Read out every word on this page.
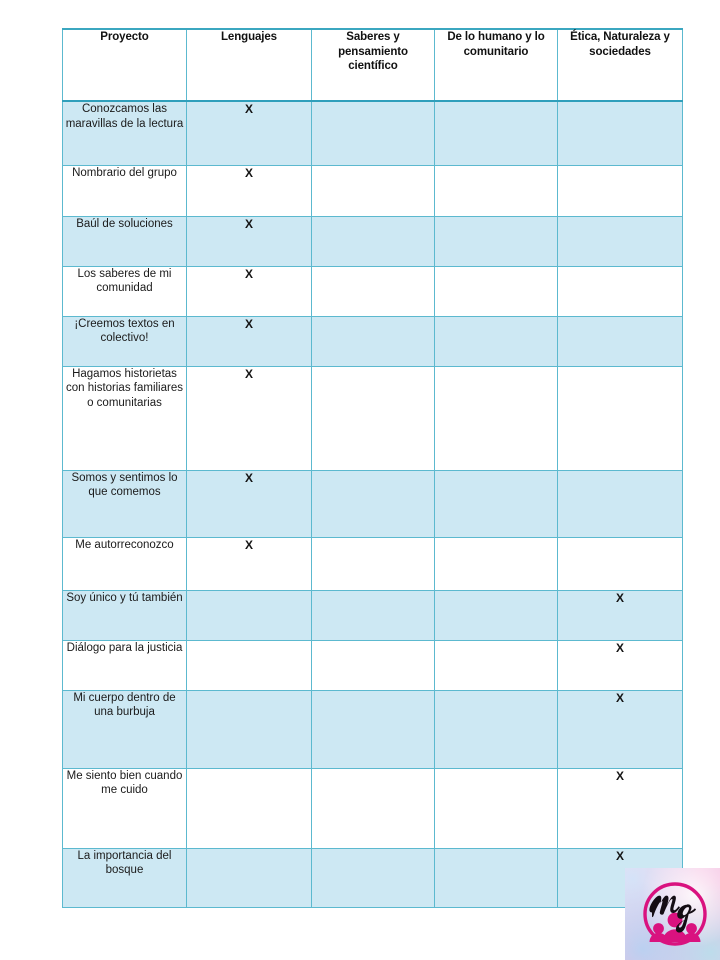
Proyecto	Lenguajes	Saberes y pensamiento científico	De lo humano y lo comunitario	Ética, Naturaleza y sociedades
Conozcamos las maravillas de la lectura	X			
Nombrario del grupo	X			
Baúl de soluciones	X			
Los saberes de mi comunidad	X			
¡Creemos textos en colectivo!	X			
Hagamos historietas con historias familiares o comunitarias	X			
Somos y sentimos lo que comemos	X			
Me autorreconozco	X			
Soy único y tú también				X
Diálogo para la justicia				X
Mi cuerpo dentro de una burbuja				X
Me siento bien cuando me cuido				X
La importancia del bosque				X
